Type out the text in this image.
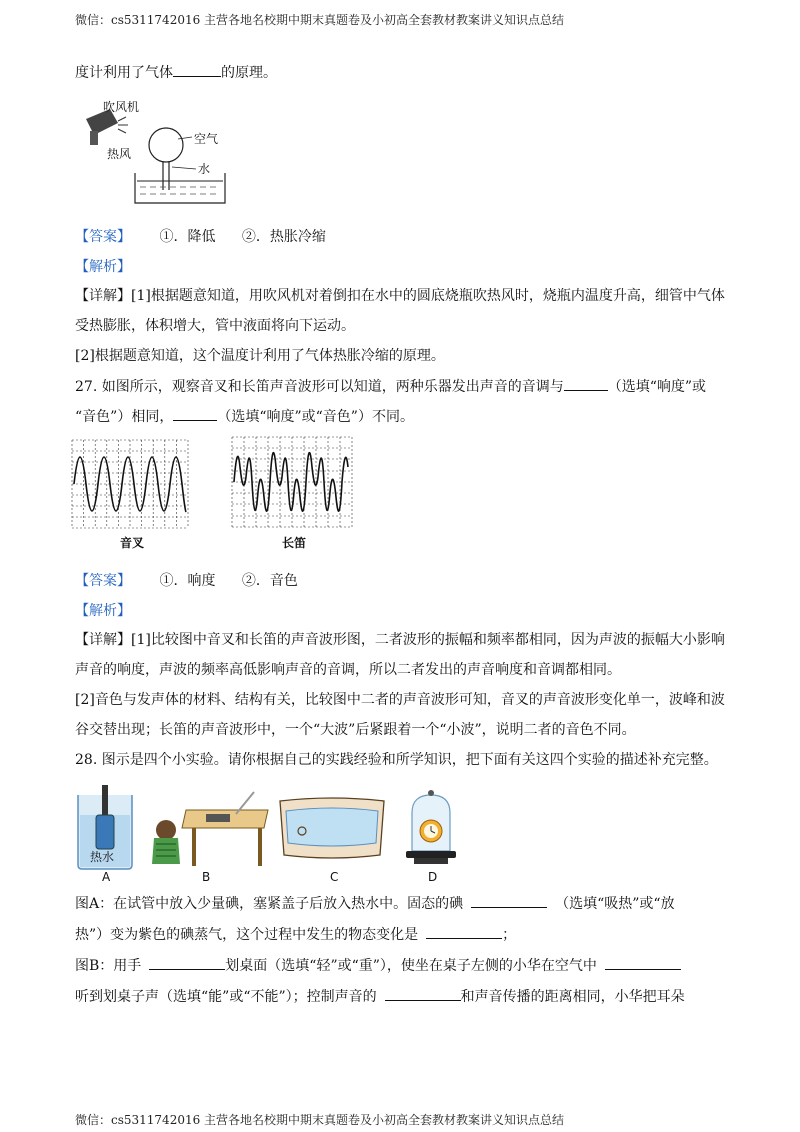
微信：cs5311742016 主营各地名校期中期末真题卷及小初高全套教材教案讲义知识点总结
度计利用了气体	的原理。
吹风机
热风
空气
水
【答案】 ①．降低 ②．热胀冷缩
【解析】
【详解】[1]根据题意知道，用吹风机对着倒扣在水中的圆底烧瓶吹热风时，烧瓶内温度升高，细管中气体
受热膨胀，体积增大，管中液面将向下运动。
[2]根据题意知道，这个温度计利用了气体热胀冷缩的原理。
27. 如图所示，观察音叉和长笛声音波形可以知道，两种乐器发出声音的音调与	（选填“响度”或
“音色”）相同，	（选填“响度”或“音色”）不同。
音叉	长笛
【答案】 ①．响度 ②．音色
【解析】
【详解】[1]比较图中音叉和长笛的声音波形图，二者波形的振幅和频率都相同，因为声波的振幅大小影响
声音的响度，声波的频率高低影响声音的音调，所以二者发出的声音响度和音调都相同。
[2]音色与发声体的材料、结构有关，比较图中二者的声音波形可知，音叉的声音波形变化单一，波峰和波
谷交替出现；长笛的声音波形中，一个“大波”后紧跟着一个“小波”，说明二者的音色不同。
28. 图示是四个小实验。请你根据自己的实践经验和所学知识，把下面有关这四个实验的描述补充完整。
热水
A	B	C	D
图A：在试管中放入少量碘，塞紧盖子后放入热水中。固态的碘	（选填“吸热”或“放
热”）变为紫色的碘蒸气，这个过程中发生的物态变化是	；
图B：用手	划桌面（选填“轻”或“重”），使坐在桌子左侧的小华在空气中
听到划桌子声（选填“能”或“不能”）；控制声音的	和声音传播的距离相同，小华把耳朵
微信：cs5311742016 主营各地名校期中期末真题卷及小初高全套教材教案讲义知识点总结
